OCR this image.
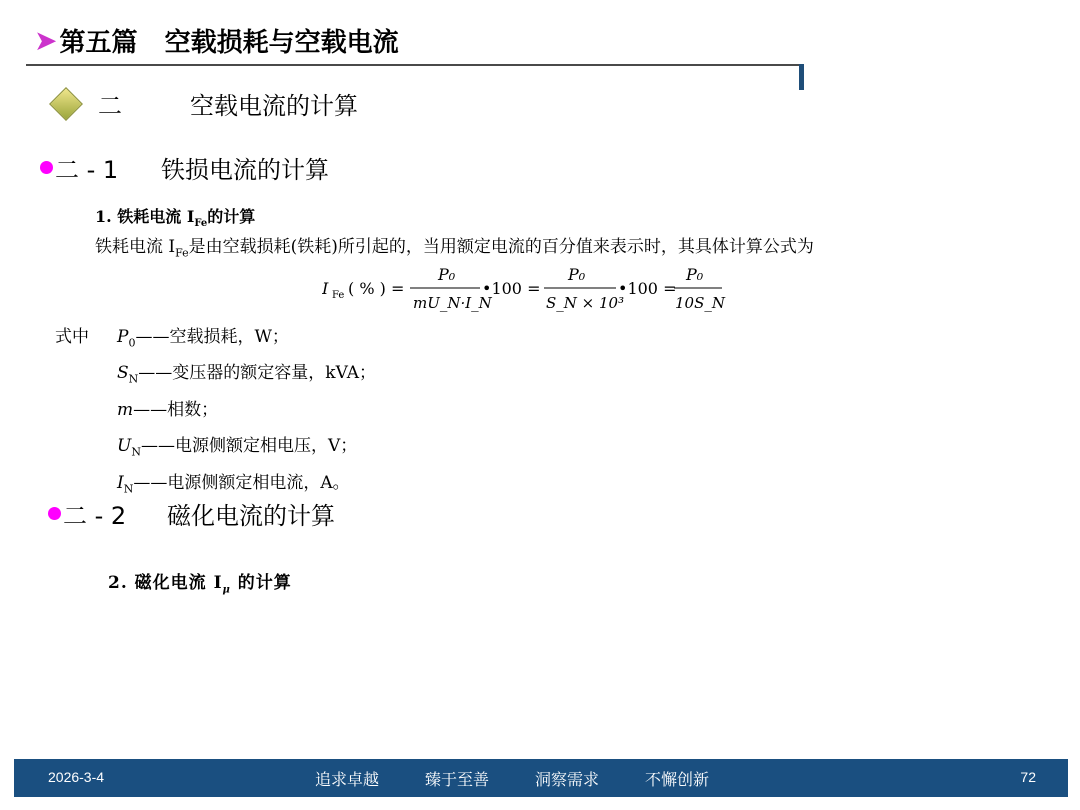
➤ 第五篇   空载损耗与空载电流
二	空载电流的计算
二 - 1	铁损电流的计算
1. 铁耗电流 $I_{Fe}$的计算
铁耗电流 $I_{Fe}$是由空载损耗(铁耗)所引起的，当用额定电流的百分值来表示时，其具体计算公式为
I Fe ( % ) =
P₀
mU_N·I_N
•100 =
P₀
S_N × 10³
•100 =
P₀
10S_N
式中	$P_0——$空载损耗，W；
$S_N——$变压器的额定容量，kVA；
m——相数；
$U_N——$电源侧额定相电压，V；
$I_N——$电源侧额定相电流，A。
二 - 2	磁化电流的计算
2. 磁化电流 $I_\mu$ 的计算
2026-3-4	追求卓越	臻于至善	洞察需求	不懈创新	72
